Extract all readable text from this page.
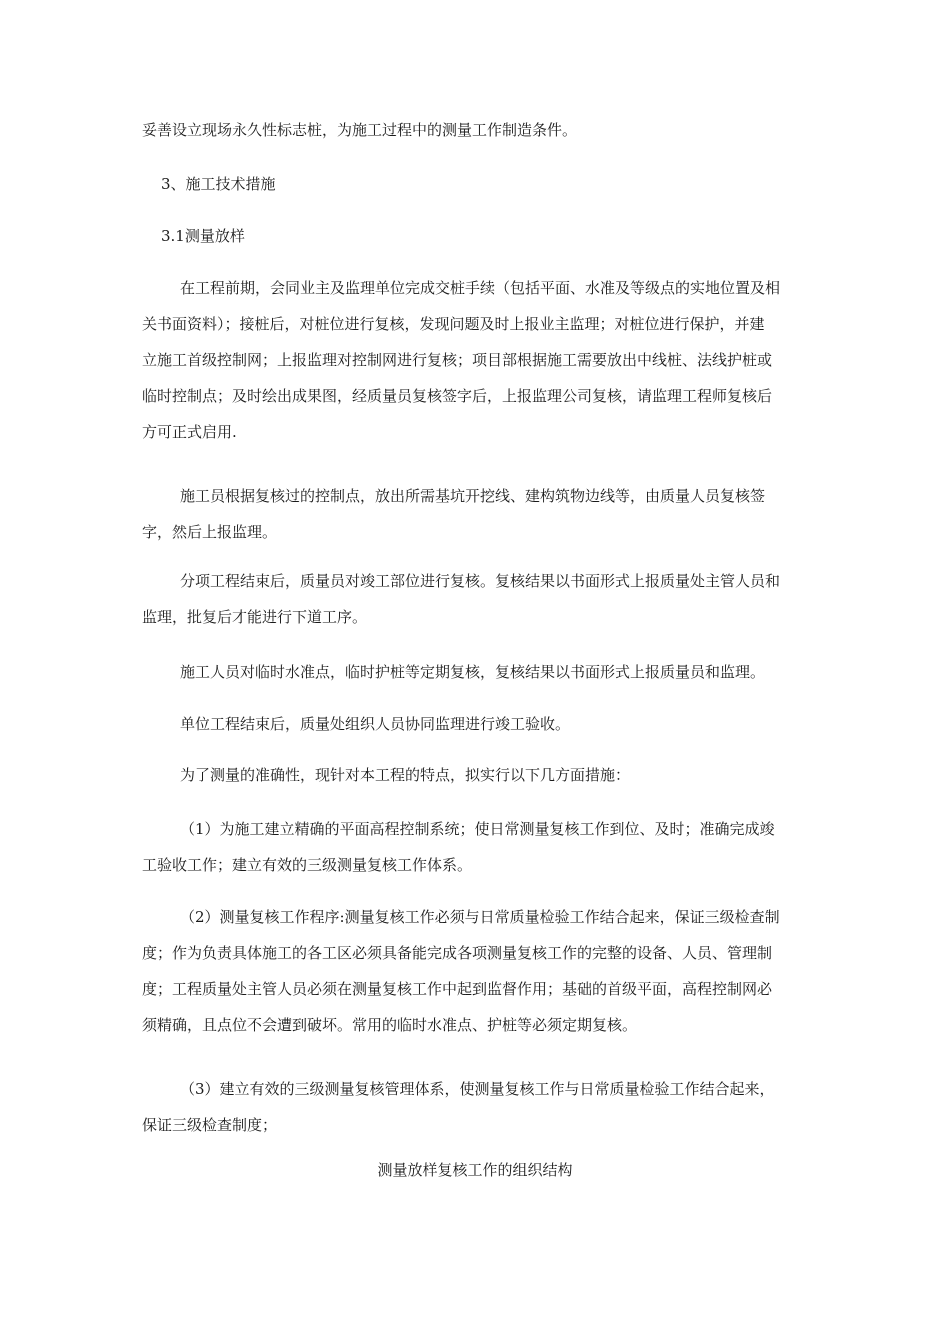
妥善设立现场永久性标志桩，为施工过程中的测量工作制造条件。
3、施工技术措施
3.1测量放样
在工程前期，会同业主及监理单位完成交桩手续（包括平面、水准及等级点的实地位置及相
关书面资料）；接桩后，对桩位进行复核，发现问题及时上报业主监理；对桩位进行保护，并建
立施工首级控制网；上报监理对控制网进行复核；项目部根据施工需要放出中线桩、法线护桩或
临时控制点；及时绘出成果图，经质量员复核签字后，上报监理公司复核，请监理工程师复核后
方可正式启用.
施工员根据复核过的控制点，放出所需基坑开挖线、建构筑物边线等，由质量人员复核签
字，然后上报监理。
分项工程结束后，质量员对竣工部位进行复核。复核结果以书面形式上报质量处主管人员和
监理，批复后才能进行下道工序。
施工人员对临时水准点，临时护桩等定期复核，复核结果以书面形式上报质量员和监理。
单位工程结束后，质量处组织人员协同监理进行竣工验收。
为了测量的准确性，现针对本工程的特点，拟实行以下几方面措施：
（1）为施工建立精确的平面高程控制系统；使日常测量复核工作到位、及时；准确完成竣
工验收工作；建立有效的三级测量复核工作体系。
（2）测量复核工作程序:测量复核工作必须与日常质量检验工作结合起来，保证三级检查制
度；作为负责具体施工的各工区必须具备能完成各项测量复核工作的完整的设备、人员、管理制
度；工程质量处主管人员必须在测量复核工作中起到监督作用；基础的首级平面，高程控制网必
须精确，且点位不会遭到破坏。常用的临时水准点、护桩等必须定期复核。
（3）建立有效的三级测量复核管理体系，使测量复核工作与日常质量检验工作结合起来，
保证三级检查制度；
测量放样复核工作的组织结构
